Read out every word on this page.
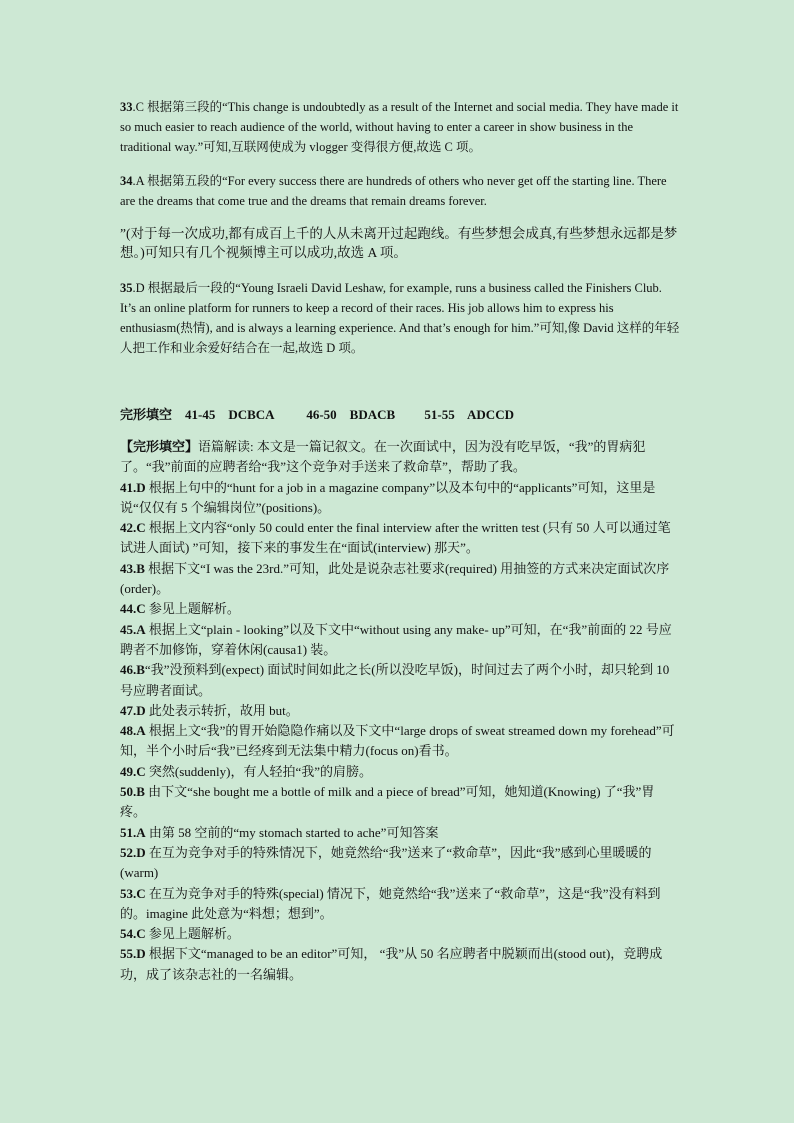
33.C 根据第三段的“This change is undoubtedly as a result of the Internet and social media. They have made it so much easier to reach audience of the world, without having to enter a career in show business in the traditional way.”可知,互联网使成为 vlogger 变得很方便,故选 C 项。
34.A 根据第五段的“For every success there are hundreds of others who never get off the starting line. There are the dreams that come true and the dreams that remain dreams forever.
”(对于每一次成功,都有成百上千的人从未离开过起跑线。有些梦想会成真,有些梦想永远都是梦想。)可知只有几个视频博主可以成功,故选 A 项。
35.D 根据最后一段的“Young Israeli David Leshaw, for example, runs a business called the Finishers Club. It’s an online platform for runners to keep a record of their races. His job allows him to express his enthusiasm(热情), and is always a learning experience. And that’s enough for him.”可知,像 David 这样的年轻人把工作和业余爱好结合在一起,故选 D 项。
完形填空    41-45    DCBCA          46-50    BDACB         51-55    ADCCD

【完形填空】语篇解读: 本文是一篇记叙文。在一次面试中，因为没有吃早饭，“我”的胃病犯了。“我”前面的应聘者给“我”这个竞争对手送来了救命草”，帮助了我。

41.D 根据上句中的“hunt for a job in a magazine company”以及本句中的“applicants”可知，这里是说“仅仅有 5 个编辑岗位”(positions)。

42.C 根据上文内容“only 50 could enter the final interview after the written test (只有 50 人可以通过笔试进人面试) ”可知，接下来的事发生在“面试(interview) 那天”。

43.B 根据下文“I was the 23rd.”可知，此处是说杂志社要求(required) 用抽签的方式来决定面试次序(order)。

44.C 参见上题解析。

45.A 根据上文“plain - looking”以及下文中“without using any make- up”可知，在“我”前面的 22 号应聘者不加修饰，穿着休闲(causa1) 装。

46.B“我”没预料到(expect) 面试时间如此之长(所以没吃早饭)，时间过去了两个小时，却只轮到 10 号应聘者面试。

47.D 此处表示转折，故用 but。

48.A 根据上文“我”的胃开始隐隐作痛以及下文中“large drops of sweat streamed down my forehead”可知，半个小时后“我”已经疼到无法集中精力(focus on)看书。

49.C 突然(suddenly)，有人轻拍“我”的肩膀。

50.B 由下文“she bought me a bottle of milk and a piece of bread”可知，她知道(Knowing) 了“我”胃疼。

51.A 由第 58 空前的“my stomach started to ache”可知答案

52.D 在互为竞争对手的特殊情况下，她竟然给“我”送来了“救命草”，因此“我”感到心里暖暖的(warm)

53.C 在互为竞争对手的特殊(special) 情况下，她竟然给“我”送来了“救命草”，这是“我”没有料到的。imagine 此处意为“料想；想到”。

54.C 参见上题解析。

55.D 根据下文“managed to be an editor”可知， “我”从 50 名应聘者中脱颖而出(stood out)，竞聘成功，成了该杂志社的一名编辑。
